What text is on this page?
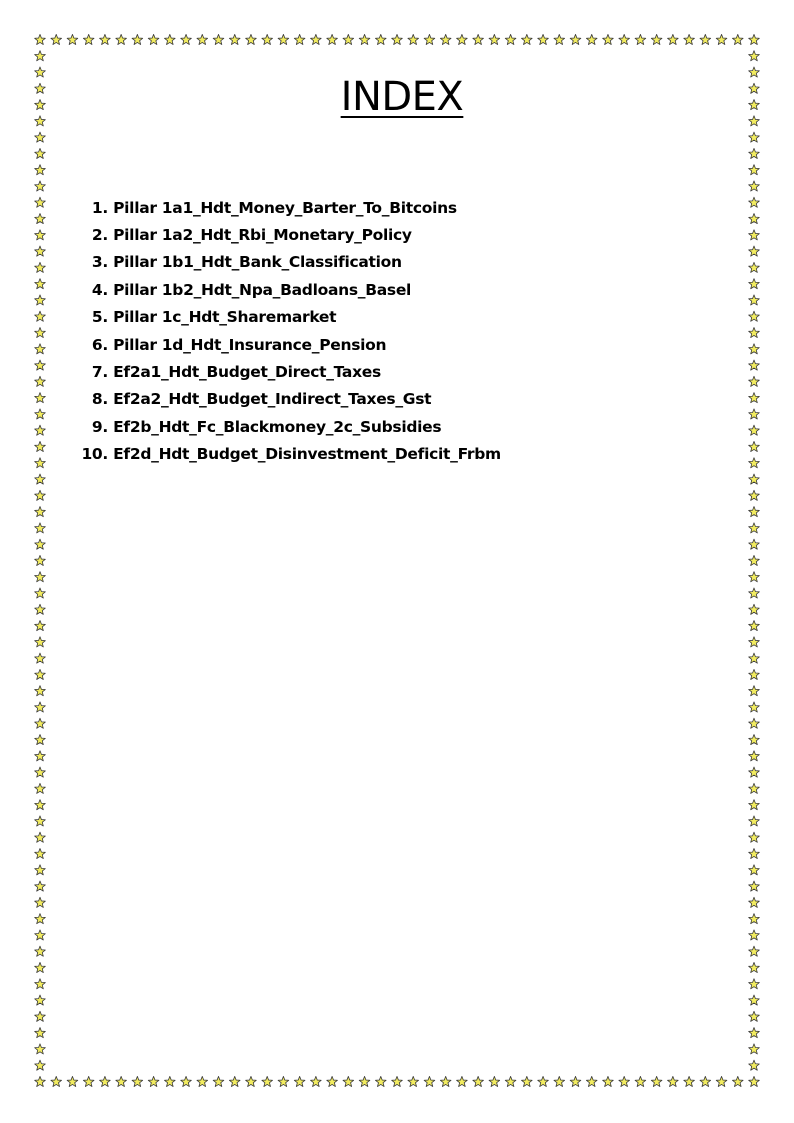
INDEX
1.
Pillar 1a1_Hdt_Money_Barter_To_Bitcoins
2.
Pillar 1a2_Hdt_Rbi_Monetary_Policy
3.
Pillar 1b1_Hdt_Bank_Classification
4.
Pillar 1b2_Hdt_Npa_Badloans_Basel
5.
Pillar 1c_Hdt_Sharemarket
6.
Pillar 1d_Hdt_Insurance_Pension
7.
Ef2a1_Hdt_Budget_Direct_Taxes
8.
Ef2a2_Hdt_Budget_Indirect_Taxes_Gst
9.
Ef2b_Hdt_Fc_Blackmoney_2c_Subsidies
10.
Ef2d_Hdt_Budget_Disinvestment_Deficit_Frbm
